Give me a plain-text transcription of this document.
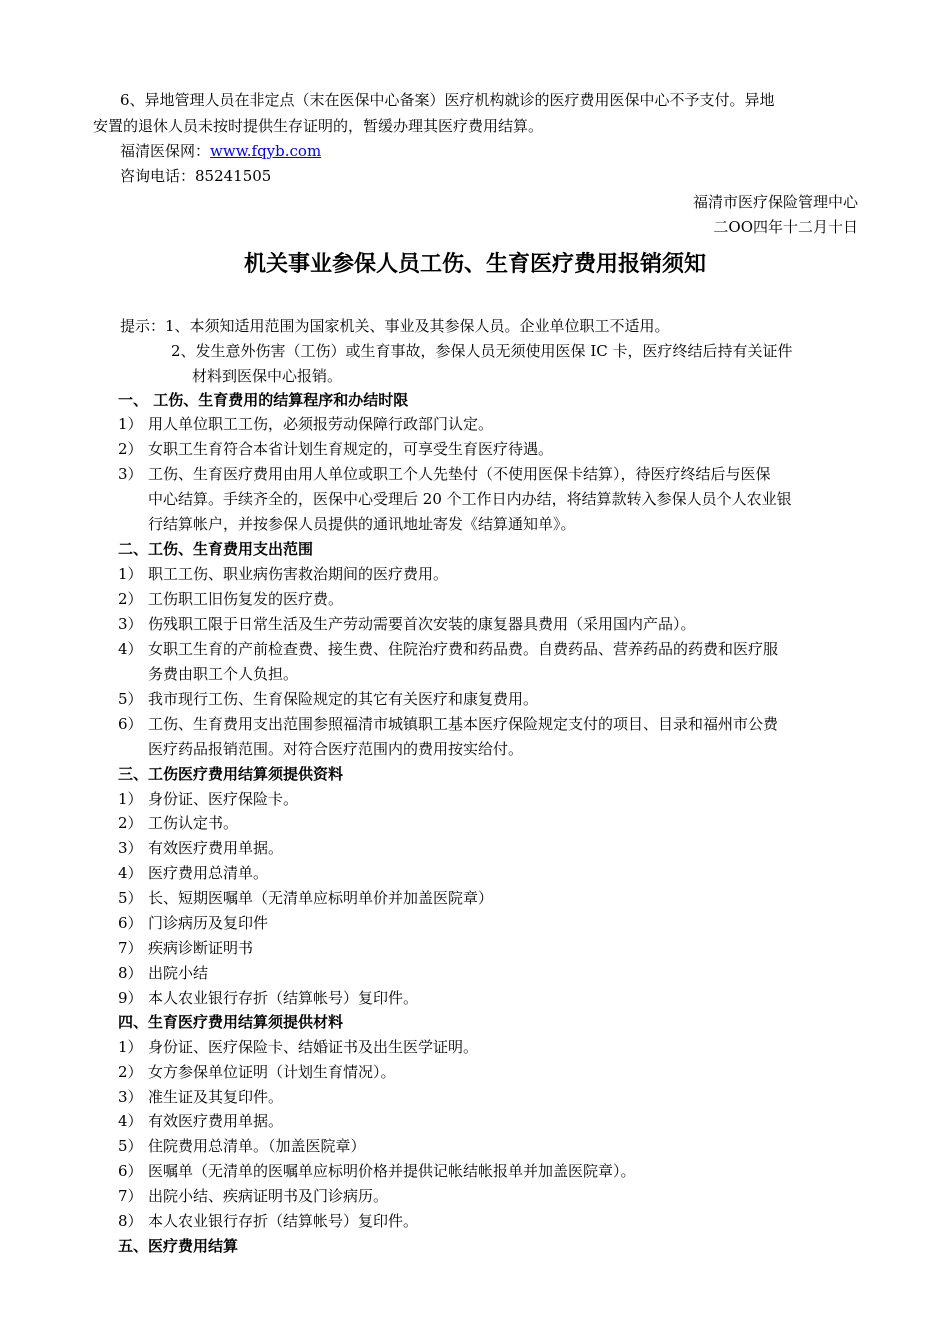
6、异地管理人员在非定点（末在医保中心备案）医疗机构就诊的医疗费用医保中心不予支付。异地
安置的退休人员未按时提供生存证明的，暂缓办理其医疗费用结算。
福清医保网：www.fqyb.com
咨询电话：85241505
福清市医疗保险管理中心
二OO四年十二月十日
机关事业参保人员工伤、生育医疗费用报销须知
提示：1、本须知适用范围为国家机关、事业及其参保人员。企业单位职工不适用。
2、发生意外伤害（工伤）或生育事故，参保人员无须使用医保 IC 卡，医疗终结后持有关证件
材料到医保中心报销。
一、 工伤、生育费用的结算程序和办结时限
1） 用人单位职工工伤，必须报劳动保障行政部门认定。
2） 女职工生育符合本省计划生育规定的，可享受生育医疗待遇。
3） 工伤、生育医疗费用由用人单位或职工个人先垫付（不使用医保卡结算），待医疗终结后与医保
中心结算。手续齐全的，医保中心受理后 20 个工作日内办结，将结算款转入参保人员个人农业银
行结算帐户，并按参保人员提供的通讯地址寄发《结算通知单》。
二、工伤、生育费用支出范围
1） 职工工伤、职业病伤害救治期间的医疗费用。
2） 工伤职工旧伤复发的医疗费。
3） 伤残职工限于日常生活及生产劳动需要首次安装的康复器具费用（采用国内产品）。
4） 女职工生育的产前检查费、接生费、住院治疗费和药品费。自费药品、营养药品的药费和医疗服
务费由职工个人负担。
5） 我市现行工伤、生育保险规定的其它有关医疗和康复费用。
6） 工伤、生育费用支出范围参照福清市城镇职工基本医疗保险规定支付的项目、目录和福州市公费
医疗药品报销范围。对符合医疗范围内的费用按实给付。
三、工伤医疗费用结算须提供资料
1） 身份证、医疗保险卡。
2） 工伤认定书。
3） 有效医疗费用单据。
4） 医疗费用总清单。
5） 长、短期医嘱单（无清单应标明单价并加盖医院章）
6） 门诊病历及复印件
7） 疾病诊断证明书
8） 出院小结
9） 本人农业银行存折（结算帐号）复印件。
四、生育医疗费用结算须提供材料
1） 身份证、医疗保险卡、结婚证书及出生医学证明。
2） 女方参保单位证明（计划生育情况）。
3） 准生证及其复印件。
4） 有效医疗费用单据。
5） 住院费用总清单。（加盖医院章）
6） 医嘱单（无清单的医嘱单应标明价格并提供记帐结帐报单并加盖医院章）。
7） 出院小结、疾病证明书及门诊病历。
8） 本人农业银行存折（结算帐号）复印件。
五、医疗费用结算
